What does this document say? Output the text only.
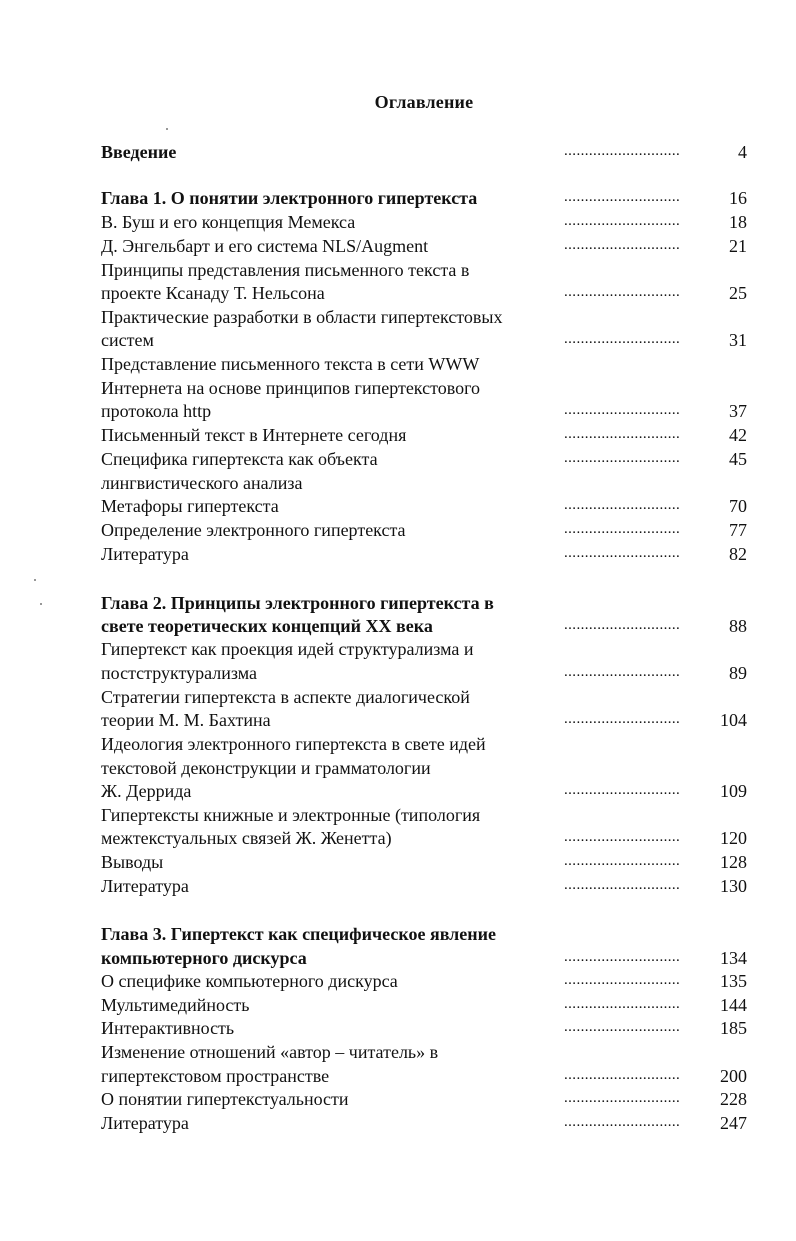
Оглавление
Введение	............................	4
Глава 1. О понятии электронного гипертекста	............................	16
В. Буш и его концепция Мемекса	............................	18
Д. Энгельбарт и его система NLS/Augment	............................	21
Принципы представления письменного текста в
проекте Ксанаду Т. Нельсона	............................	25
Практические разработки в области гипертекстовых
систем	............................	31
Представление письменного текста в сети WWW
Интернета на основе принципов гипертекстового
протокола http	............................	37
Письменный текст в Интернете сегодня	............................	42
Специфика гипертекста как объекта	............................	45
лингвистического анализа
Метафоры гипертекста	............................	70
Определение электронного гипертекста	............................	77
Литература	............................	82
Глава 2. Принципы электронного гипертекста в
свете теоретических концепций XX века	............................	88
Гипертекст как проекция идей структурализма и
постструктурализма	............................	89
Стратегии гипертекста в аспекте диалогической
теории М. М. Бахтина	............................ 104
Идеология электронного гипертекста в свете идей
текстовой деконструкции и грамматологии
Ж. Деррида	............................ 109
Гипертексты книжные и электронные (типология
межтекстуальных связей Ж. Женетта)	............................ 120
Выводы	............................ 128
Литература	............................ 130
Глава 3. Гипертекст как специфическое явление
компьютерного дискурса	............................ 134
О специфике компьютерного дискурса	............................ 135
Мультимедийность	............................ 144
Интерактивность	............................ 185
Изменение отношений «автор – читатель» в
гипертекстовом пространстве	............................ 200
О понятии гипертекстуальности	............................ 228
Литература	............................ 247
